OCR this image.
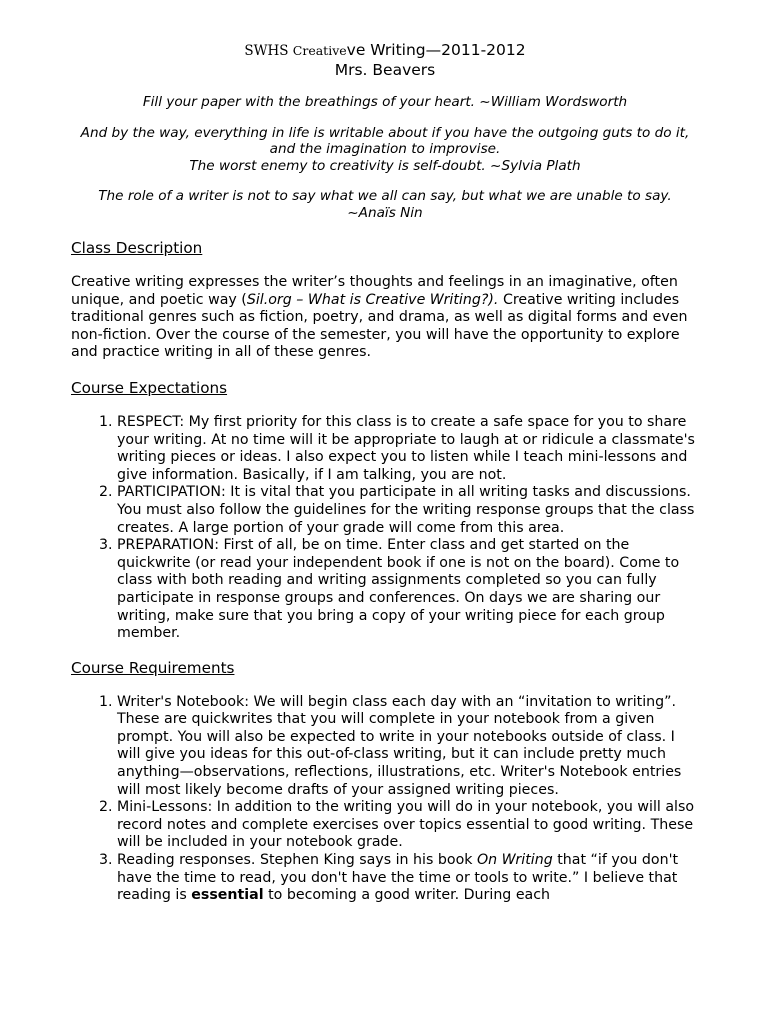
SWHS Creativeve Writing—2011-2012
Mrs. Beavers
Fill your paper with the breathings of your heart. ~William Wordsworth
And by the way, everything in life is writable about if you have the outgoing guts to do it,
and the imagination to improvise.
The worst enemy to creativity is self-doubt. ~Sylvia Plath
The role of a writer is not to say what we all can say, but what we are unable to say.
~Anaïs Nin
Class Description
Creative writing expresses the writer’s thoughts and feelings in an imaginative, often unique, and poetic way (Sil.org – What is Creative Writing?). Creative writing includes traditional genres such as fiction, poetry, and drama, as well as digital forms and even non-fiction. Over the course of the semester, you will have the opportunity to explore and practice writing in all of these genres.
Course Expectations
1. RESPECT: My first priority for this class is to create a safe space for you to share your writing. At no time will it be appropriate to laugh at or ridicule a classmate's writing pieces or ideas. I also expect you to listen while I teach mini-lessons and give information. Basically, if I am talking, you are not.
2. PARTICIPATION: It is vital that you participate in all writing tasks and discussions. You must also follow the guidelines for the writing response groups that the class creates. A large portion of your grade will come from this area.
3. PREPARATION: First of all, be on time. Enter class and get started on the quickwrite (or read your independent book if one is not on the board). Come to class with both reading and writing assignments completed so you can fully participate in response groups and conferences. On days we are sharing our writing, make sure that you bring a copy of your writing piece for each group member.
Course Requirements
1. Writer's Notebook: We will begin class each day with an “invitation to writing”. These are quickwrites that you will complete in your notebook from a given prompt. You will also be expected to write in your notebooks outside of class. I will give you ideas for this out-of-class writing, but it can include pretty much anything—observations, reflections, illustrations, etc. Writer's Notebook entries will most likely become drafts of your assigned writing pieces.
2. Mini-Lessons: In addition to the writing you will do in your notebook, you will also record notes and complete exercises over topics essential to good writing. These will be included in your notebook grade.
3. Reading responses. Stephen King says in his book On Writing that “if you don't have the time to read, you don't have the time or tools to write.” I believe that reading is essential to becoming a good writer. During each
